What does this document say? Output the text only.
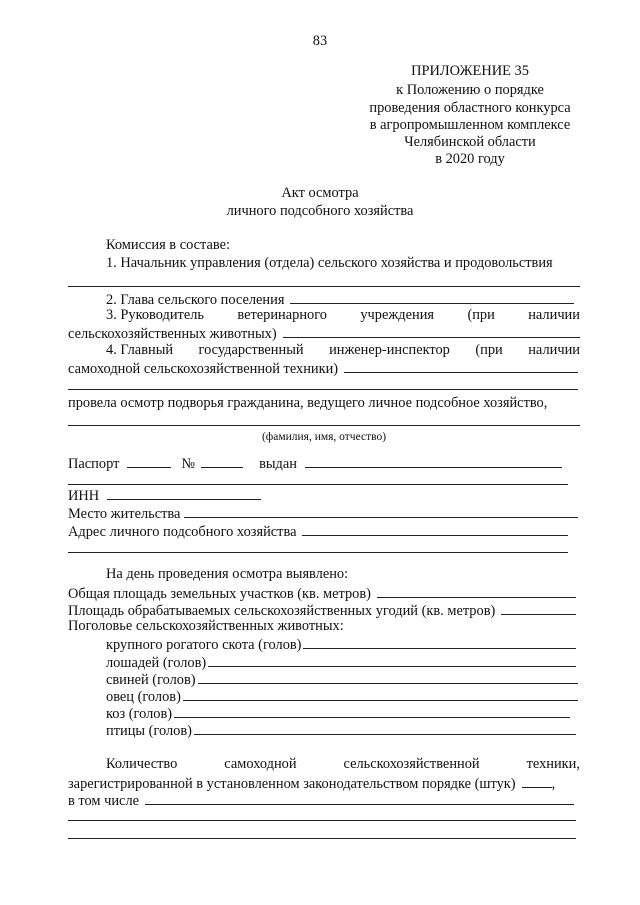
83
ПРИЛОЖЕНИЕ 35
к Положению о порядке
проведения областного конкурса
в агропромышленном комплексе
Челябинской области
в 2020 году
Акт осмотра
личного подсобного хозяйства
Комиссия в составе:
1. Начальник управления (отдела) сельского хозяйства и продовольствия
2. Глава сельского поселения
3. Руководитель ветеринарного учреждения (при наличии
сельскохозяйственных животных)
4. Главный государственный инженер-инспектор (при наличии
самоходной сельскохозяйственной техники)
провела осмотр подворья гражданина, ведущего личное подсобное хозяйство,
(фамилия, имя, отчество)
Паспорт	№	выдан
ИНН
Место жительства
Адрес личного подсобного хозяйства
На день проведения осмотра выявлено:
Общая площадь земельных участков (кв. метров)
Площадь обрабатываемых сельскохозяйственных угодий (кв. метров)
Поголовье сельскохозяйственных животных:
крупного рогатого скота (голов)
лошадей (голов)
свиней (голов)
овец (голов)
коз (голов)
птицы (голов)
Количество	самоходной	сельскохозяйственной	техники,
зарегистрированной в установленном законодательством порядке (штук)	,
в том числе
